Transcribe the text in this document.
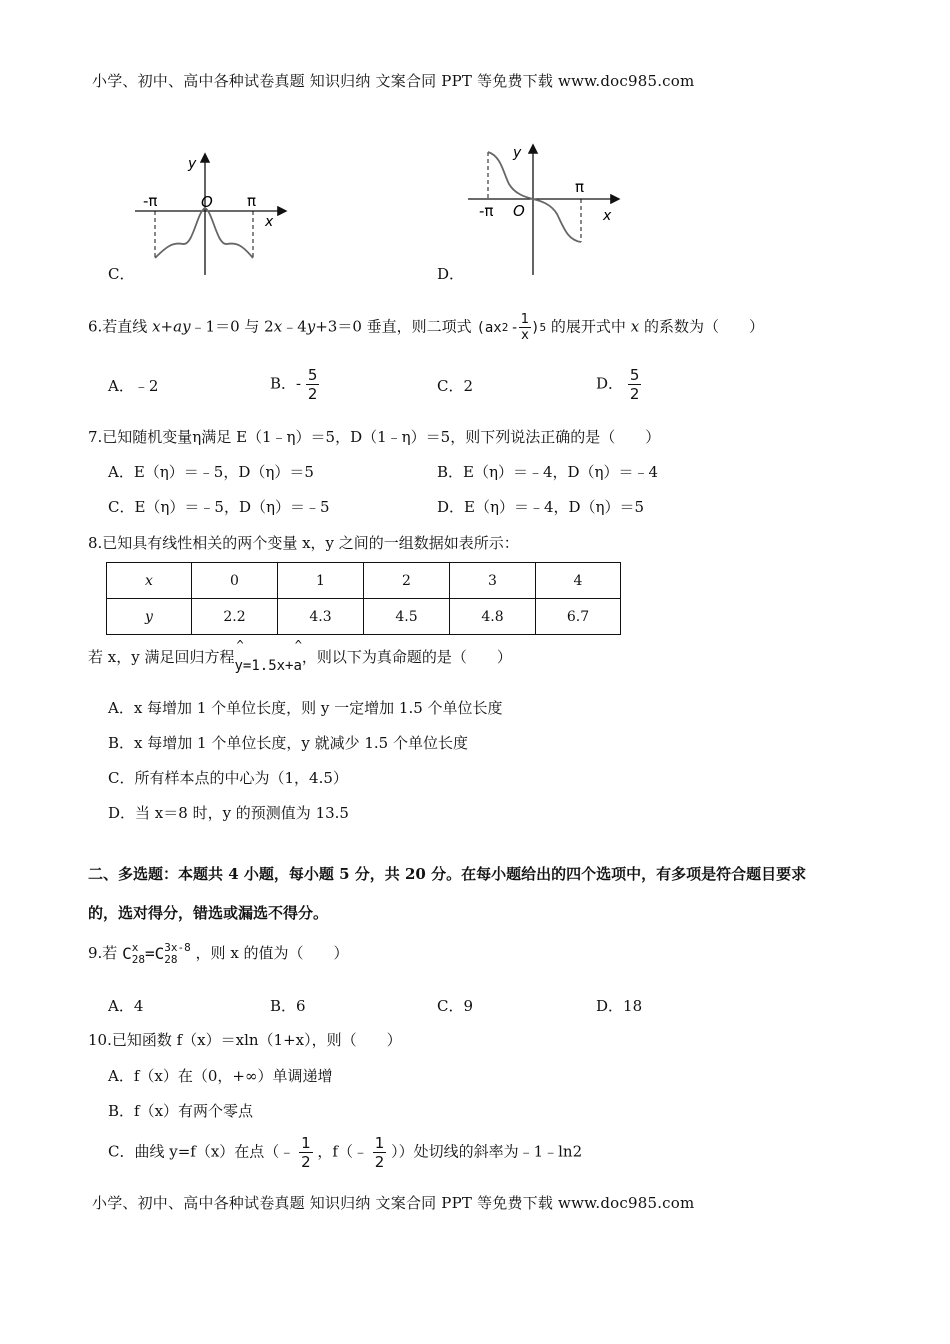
小学、初中、高中各种试卷真题 知识归纳 文案合同 PPT 等免费下载 www.doc985.com
-π	π
O
x
y
C．
-π
π
O	x
y
D．
6.若直线 x+ay﹣1＝0 与 2x﹣4y+3＝0 垂直，则二项式 (ax $2 - \frac{1}{x}$ ) 5 的展开式中 x 的系数为（　　）
A．﹣2	B．- $\frac{5}{2}$	C．2	D． $\frac{5}{2}$
7.已知随机变量η满足 E（1﹣η）＝5，D（1﹣η）＝5，则下列说法正确的是（　　）
A．E（η）＝﹣5，D（η）＝5	B．E（η）＝﹣4，D（η）＝﹣4
C．E（η）＝﹣5，D（η）＝﹣5	D．E（η）＝﹣4，D（η）＝5
8.已知具有线性相关的两个变量 x，y 之间的一组数据如表所示：
x	0	1	2	3	4
y	2.2	4.3	4.5	4.8	6.7
若 x，y 满足回归方程
^
y=1.5x+a
^
，则以下为真命题的是（　　）
A．x 每增加 1 个单位长度，则 y 一定增加 1.5 个单位长度
B．x 每增加 1 个单位长度，y 就减少 1.5 个单位长度
C．所有样本点的中心为（1，4.5）
D．当 x＝8 时，y 的预测值为 13.5
二、多选题：本题共 4 小题，每小题 5 分，共 20 分。在每小题给出的四个选项中，有多项是符合题目要求
的，选对得分，错选或漏选不得分。
9.若 C x
28 = C 3x-8
28	，则 x 的值为（　　）
A．4	B．6	C．9	D．18
10.已知函数 f（x）＝xln（1+x），则（　　）
A．f（x）在（0，+∞）单调递增
B．f（x）有两个零点
C．曲线 y=f（x）在点（﹣ $\frac{1}{2}$ ，f（﹣ $\frac{1}{2}$ ））处切线的斜率为﹣1﹣ln2
小学、初中、高中各种试卷真题 知识归纳 文案合同 PPT 等免费下载 www.doc985.com
